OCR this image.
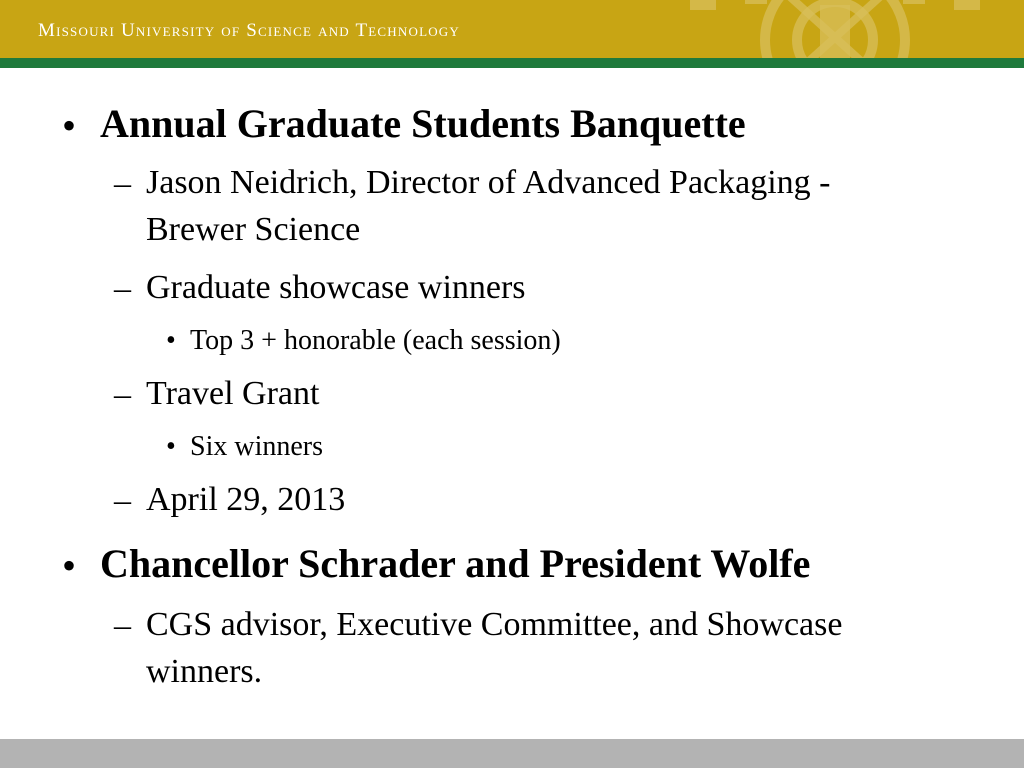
Missouri University of Science and Technology
• Annual Graduate Students Banquette
– Jason Neidrich, Director of Advanced Packaging -
Brewer Science
– Graduate showcase winners
• Top 3 + honorable (each session)
– Travel Grant
• Six winners
– April 29, 2013
• Chancellor Schrader and President Wolfe
– CGS advisor, Executive Committee, and Showcase
winners.
